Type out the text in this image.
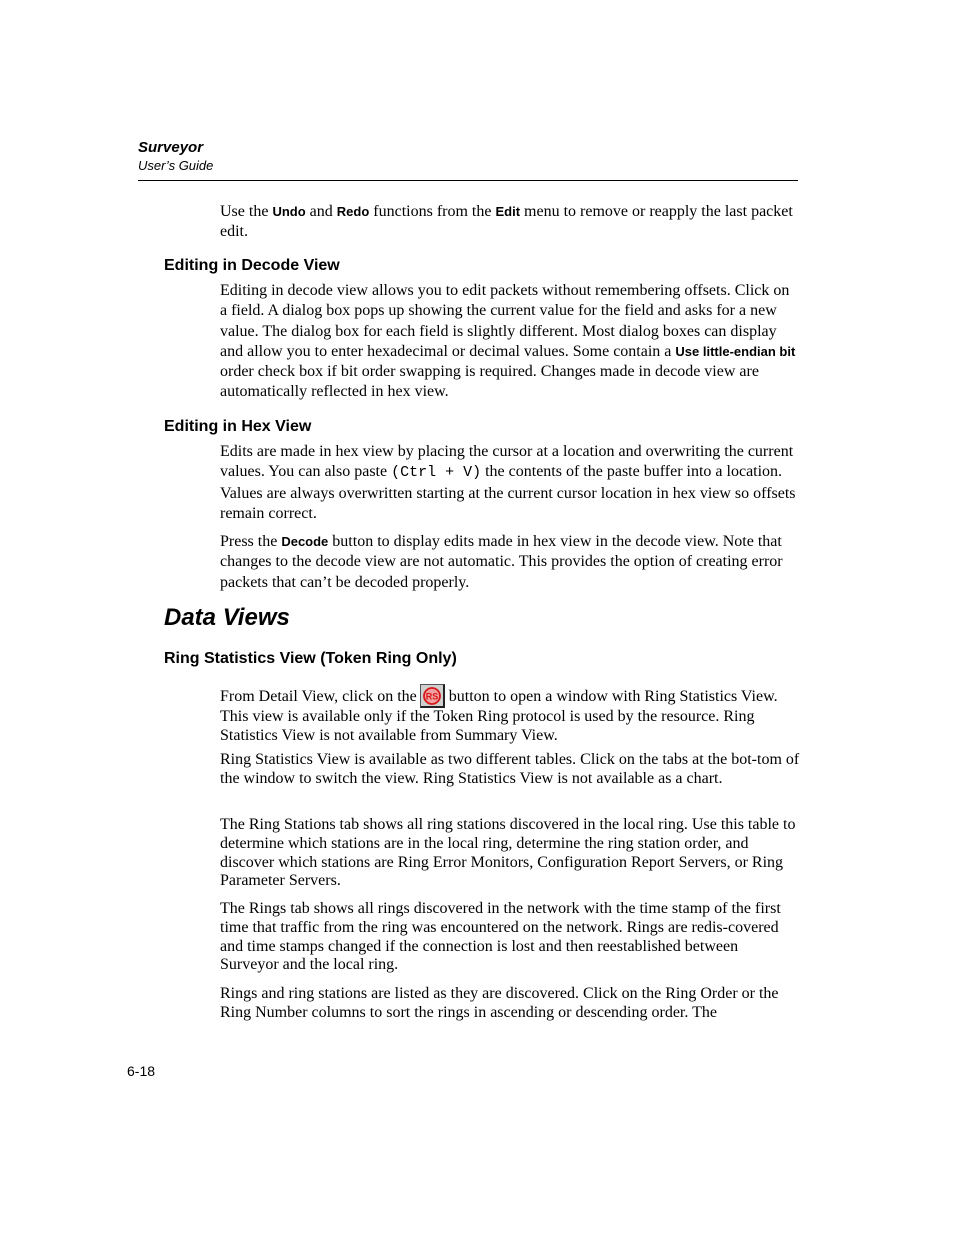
Surveyor
User’s Guide

Use the Undo and Redo functions from the Edit menu to remove or reapply the last packet edit.

Editing in Decode View

Editing in decode view allows you to edit packets without remembering offsets. Click on a field. A dialog box pops up showing the current value for the field and asks for a new value. The dialog box for each field is slightly different. Most dialog boxes can display and allow you to enter hexadecimal or decimal values. Some contain a Use little-endian bit order check box if bit order swapping is required. Changes made in decode view are automatically reflected in hex view.

Editing in Hex View

Edits are made in hex view by placing the cursor at a location and overwriting the current values. You can also paste (Ctrl + V) the contents of the paste buffer into a location. Values are always overwritten starting at the current cursor location in hex view so offsets remain correct.

Press the Decode button to display edits made in hex view in the decode view. Note that changes to the decode view are not automatic. This provides the option of creating error packets that can’t be decoded properly.

Data Views
Ring Statistics View (Token Ring Only)

From Detail View, click on the RS button to open a window with Ring Statistics View. This view is available only if the Token Ring protocol is used by the resource. Ring Statistics View is not available from Summary View.

Ring Statistics View is available as two different tables. Click on the tabs at the bot-tom of the window to switch the view. Ring Statistics View is not available as a chart.

The Ring Stations tab shows all ring stations discovered in the local ring. Use this table to determine which stations are in the local ring, determine the ring station order, and discover which stations are Ring Error Monitors, Configuration Report Servers, or Ring Parameter Servers.

The Rings tab shows all rings discovered in the network with the time stamp of the first time that traffic from the ring was encountered on the network. Rings are redis-covered and time stamps changed if the connection is lost and then reestablished between Surveyor and the local ring.

Rings and ring stations are listed as they are discovered. Click on the Ring Order or the Ring Number columns to sort the rings in ascending or descending order. The

6-18
